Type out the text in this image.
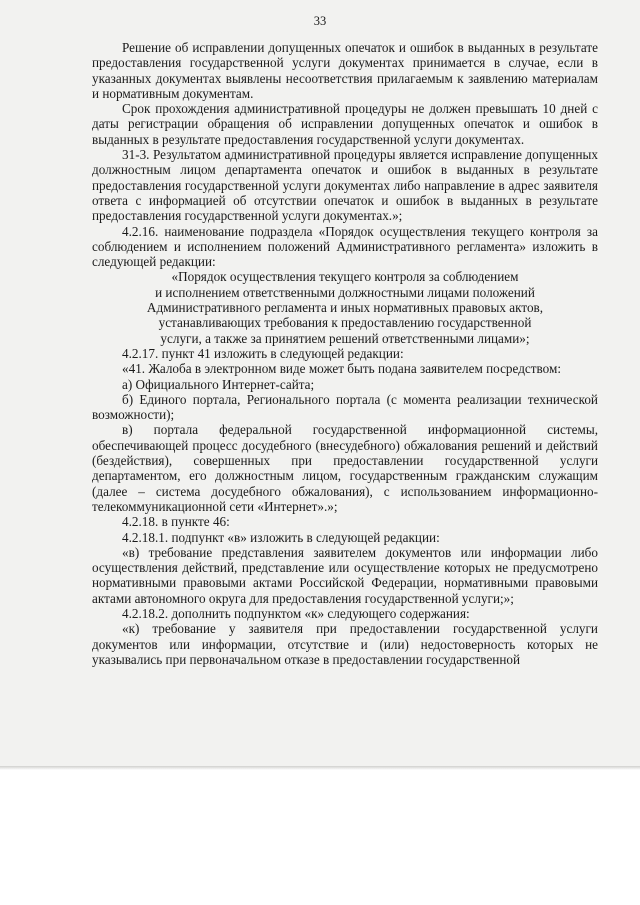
33

Решение об исправлении допущенных опечаток и ошибок в выданных в результате предоставления государственной услуги документах принимается в случае, если в указанных документах выявлены несоответствия прилагаемым к заявлению материалам и нормативным документам.

Срок прохождения административной процедуры не должен превышать 10 дней с даты регистрации обращения об исправлении допущенных опечаток и ошибок в выданных в результате предоставления государственной услуги документах.

31-3. Результатом административной процедуры является исправление допущенных должностным лицом департамента опечаток и ошибок в выданных в результате предоставления государственной услуги документах либо направление в адрес заявителя ответа с информацией об отсутствии опечаток и ошибок в выданных в результате предоставления государственной услуги документах.»;

4.2.16. наименование подраздела «Порядок осуществления текущего контроля за соблюдением и исполнением положений Административного регламента» изложить в следующей редакции:

«Порядок осуществления текущего контроля за соблюдением

и исполнением ответственными должностными лицами положений

Административного регламента и иных нормативных правовых актов,

устанавливающих требования к предоставлению государственной

услуги, а также за принятием решений ответственными лицами»;

4.2.17. пункт 41 изложить в следующей редакции:

«41. Жалоба в электронном виде может быть подана заявителем посредством:

а) Официального Интернет-сайта;

б) Единого портала, Регионального портала (с момента реализации технической возможности);

в) портала федеральной государственной информационной системы, обеспечивающей процесс досудебного (внесудебного) обжалования решений и действий (бездействия), совершенных при предоставлении государственной услуги департаментом, его должностным лицом, государственным гражданским служащим (далее – система досудебного обжалования), с использованием информационно-телекоммуникационной сети «Интернет».»;

4.2.18. в пункте 46:

4.2.18.1. подпункт «в» изложить в следующей редакции:

«в) требование представления заявителем документов или информации либо осуществления действий, представление или осуществление которых не предусмотрено нормативными правовыми актами Российской Федерации, нормативными правовыми актами автономного округа для предоставления государственной услуги;»;

4.2.18.2. дополнить подпунктом «к» следующего содержания:

«к) требование у заявителя при предоставлении государственной услуги документов или информации, отсутствие и (или) недостоверность которых не указывались при первоначальном отказе в предоставлении государственной
